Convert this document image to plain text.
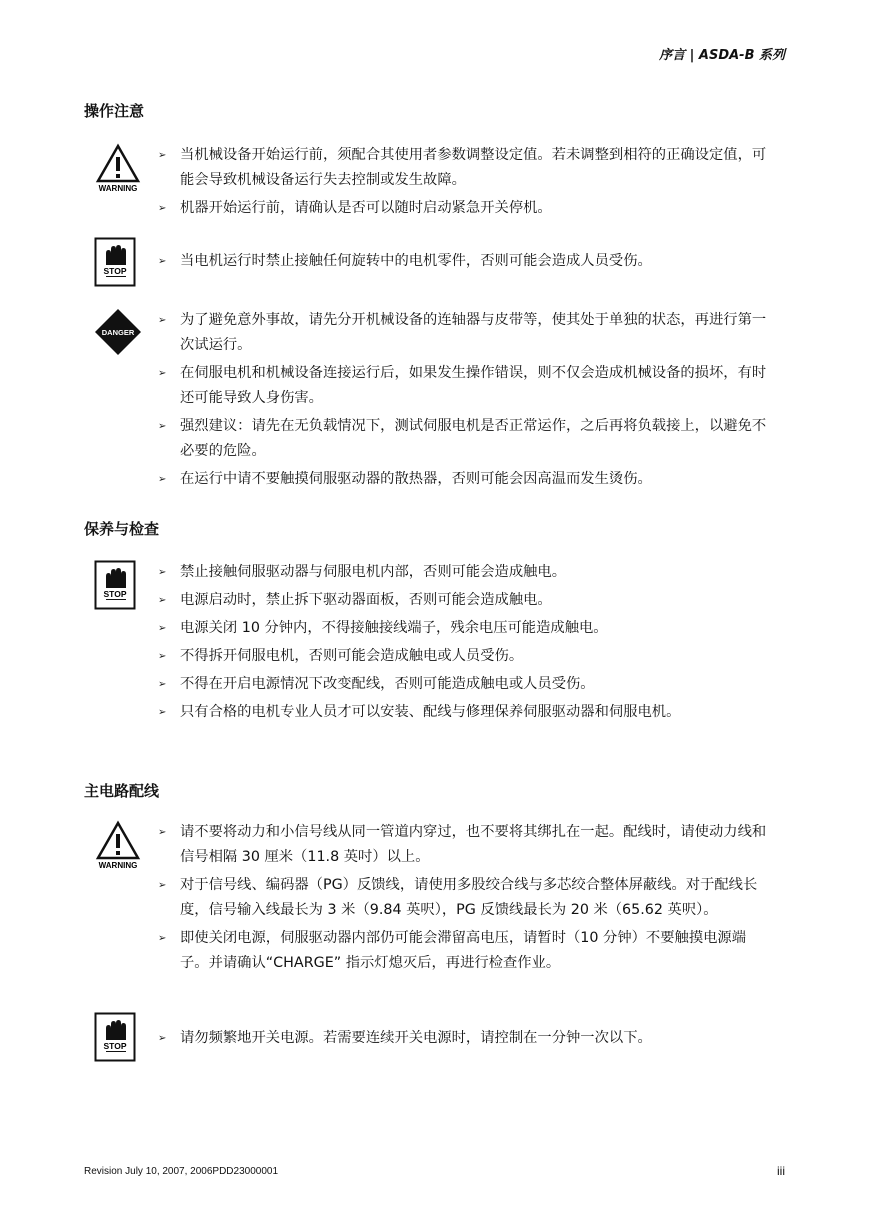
序言 | ASDA-B 系列
操作注意
WARNING
➢ 当机械设备开始运行前，须配合其使用者参数调整设定值。若未调整到相符的正确设定值，可能会导致机械设备运行失去控制或发生故障。
➢ 机器开始运行前，请确认是否可以随时启动紧急开关停机。
STOP
➢ 当电机运行时禁止接触任何旋转中的电机零件，否则可能会造成人员受伤。
DANGER
➢ 为了避免意外事故，请先分开机械设备的连轴器与皮带等，使其处于单独的状态，再进行第一次试运行。
➢ 在伺服电机和机械设备连接运行后，如果发生操作错误，则不仅会造成机械设备的损坏，有时还可能导致人身伤害。
➢ 强烈建议：请先在无负载情况下，测试伺服电机是否正常运作，之后再将负载接上，以避免不必要的危险。
➢ 在运行中请不要触摸伺服驱动器的散热器，否则可能会因高温而发生烫伤。
保养与检查
STOP
➢ 禁止接触伺服驱动器与伺服电机内部，否则可能会造成触电。
➢ 电源启动时，禁止拆下驱动器面板，否则可能会造成触电。
➢ 电源关闭 10 分钟内，不得接触接线端子，残余电压可能造成触电。
➢ 不得拆开伺服电机，否则可能会造成触电或人员受伤。
➢ 不得在开启电源情况下改变配线，否则可能造成触电或人员受伤。
➢ 只有合格的电机专业人员才可以安装、配线与修理保养伺服驱动器和伺服电机。
主电路配线
WARNING
➢ 请不要将动力和小信号线从同一管道内穿过，也不要将其绑扎在一起。配线时，请使动力线和信号相隔 30 厘米（11.8 英吋）以上。
➢ 对于信号线、编码器（PG）反馈线，请使用多股绞合线与多芯绞合整体屏蔽线。对于配线长度，信号输入线最长为 3 米（9.84 英呎），PG 反馈线最长为 20 米（65.62 英呎）。
➢ 即使关闭电源，伺服驱动器内部仍可能会滞留高电压，请暂时（10 分钟）不要触摸电源端子。并请确认“CHARGE” 指示灯熄灭后，再进行检查作业。
STOP
➢	请勿频繁地开关电源。若需要连续开关电源时，请控制在一分钟一次以下。
Revision July 10, 2007, 2006PDD23000001	iii
